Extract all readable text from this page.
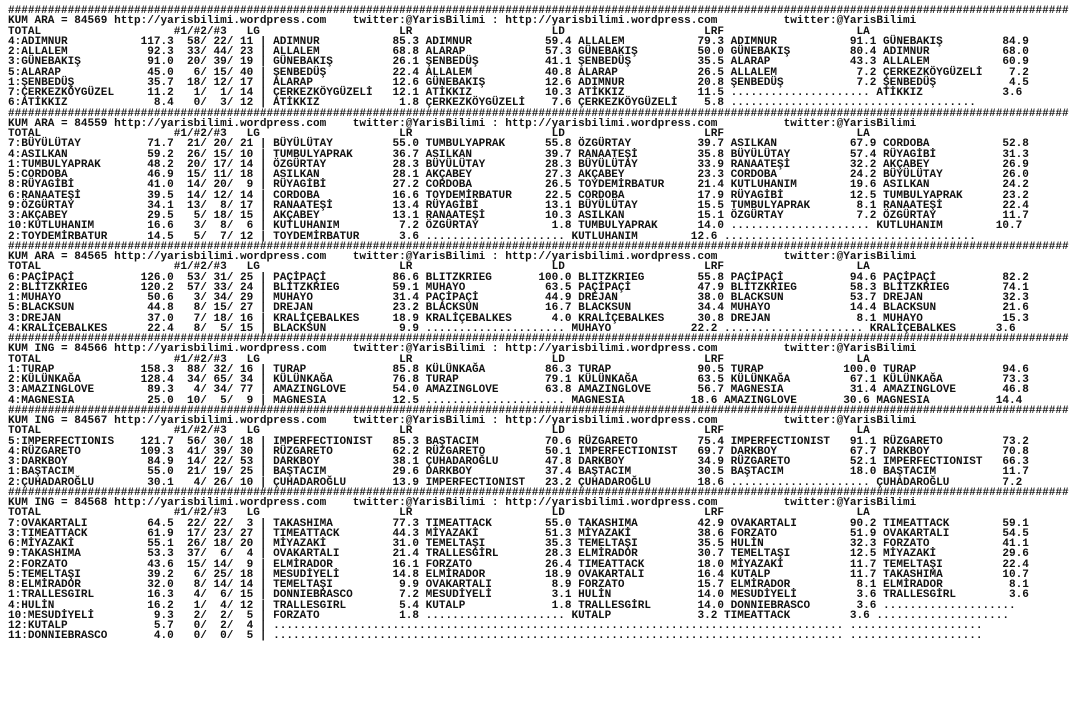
################################################################################################################################################################
KUM ARA = 84569 http://yarisbilimi.wordpress.com    twitter:@YarisBilimi : http://yarisbilimi.wordpress.com          twitter:@YarisBilimi
TOTAL                    #1/#2/#3   LG                     LR                     LD                     LRF                    LA
4:ADIMNUR           117.3  58/ 22/ 11 | ADIMNUR           85.3 ADIMNUR           59.4 ALLALEM           79.3 ADIMNUR           91.1 GÜNEBAKIŞ         84.9
2:ALLALEM            92.3  33/ 44/ 23 | ALLALEM           68.8 ALARAP            57.3 GÜNEBAKIŞ         50.0 GÜNEBAKIŞ         80.4 ADIMNUR           68.0
3:GÜNEBAKIŞ          91.0  20/ 39/ 19 | GÜNEBAKIŞ         26.1 ŞENBEDÜŞ          41.1 ŞENBEDÜŞ          35.5 ALARAP            43.3 ALLALEM           60.9
5:ALARAP             45.0   6/ 15/ 40 | ŞENBEDÜŞ          22.4 ALLALEM           40.8 ALARAP            26.5 ALLALEM            7.2 ÇERKEZKÖYGÜZELİ    7.2
1:ŞENBEDÜŞ           35.7  18/ 12/ 17 | ALARAP            12.6 GÜNEBAKIŞ         12.6 ADIMNUR           20.8 ŞENBEDÜŞ           7.2 ŞENBEDÜŞ           4.5
7:ÇERKEZKÖYGÜZEL     11.2   1/  1/ 14 | ÇERKEZKÖYGÜZELİ   12.1 ATİKKIZ           10.3 ATİKKIZ           11.5 ..................... ATİKKIZ            3.6
6:ATİKKIZ             8.4   0/  3/ 12 | ATİKKIZ            1.8 ÇERKEZKÖYGÜZELİ    7.6 ÇERKEZKÖYGÜZELİ    5.8 .....................................
################################################################################################################################################################
KUM ARA = 84559 http://yarisbilimi.wordpress.com    twitter:@YarisBilimi : http://yarisbilimi.wordpress.com          twitter:@YarisBilimi
TOTAL                    #1/#2/#3   LG                     LR                     LD                     LRF                    LA
7:BÜYÜLÜTAY          71.7  21/ 20/ 21 | BÜYÜLÜTAY         55.0 TUMBULYAPRAK      55.8 ÖZGÜRTAY          39.7 ASILKAN           67.9 CORDOBA           52.8
4:ASILKAN            59.2  26/ 15/ 10 | TUMBULYAPRAK      36.7 ASILKAN           39.7 RANAATEŞİ         35.8 BÜYÜLÜTAY         57.4 RÜYAGİBİ          31.3
1:TUMBULYAPRAK       48.2  20/ 17/ 14 | ÖZGÜRTAY          28.3 BÜYÜLÜTAY         28.3 BÜYÜLÜTAY         33.9 RANAATEŞİ         32.2 AKÇABEY           26.9
5:CORDOBA            46.9  15/ 11/ 18 | ASILKAN           28.1 AKÇABEY           27.3 AKÇABEY           23.3 CORDOBA           24.2 BÜYÜLÜTAY         26.0
8:RÜYAGİBİ           41.0  14/ 20/  9 | RÜYAGİBİ          27.2 CORDOBA           26.5 TOYDEMİRBATUR     21.4 KUTLUHANIM        19.6 ASILKAN           24.2
6:RANAATEŞİ          39.5  14/ 12/ 14 | CORDOBA           16.6 TOYDEMİRBATUR     22.5 CORDOBA           17.9 RÜYAGİBİ          12.5 TUMBULYAPRAK      23.2
9:ÖZGÜRTAY           34.1  13/  8/ 17 | RANAATEŞİ         13.4 RÜYAGİBİ          13.1 BÜYÜLÜTAY         15.5 TUMBULYAPRAK       8.1 RANAATEŞİ         22.4
3:AKÇABEY            29.5   5/ 18/ 15 | AKÇABEY           13.1 RANAATEŞİ         10.3 ASILKAN           15.1 ÖZGÜRTAY           7.2 ÖZGÜRTAY          11.7
10:KUTLUHANIM        16.6   3/  8/  6 | KUTLUHANIM         7.2 ÖZGÜRTAY           1.8 TUMBULYAPRAK      14.0 ..................... KUTLUHANIM        10.7
2:TOYDEMİRBATUR      14.5   5/  7/ 12 | TOYDEMİRBATUR      3.6 ..................... KUTLUHANIM        12.6 ......................................
################################################################################################################################################################
KUM ARA = 84565 http://yarisbilimi.wordpress.com    twitter:@YarisBilimi : http://yarisbilimi.wordpress.com          twitter:@YarisBilimi
TOTAL                    #1/#2/#3   LG                     LR                     LD                     LRF                    LA
6:PAÇİPAÇİ          126.0  53/ 31/ 25 | PAÇİPAÇİ          86.6 BLITZKRIEG       100.0 BLITZKRIEG        55.8 PAÇİPAÇİ          94.6 PAÇİPAÇİ          82.2
2:BLITZKRIEG        120.2  57/ 33/ 24 | BLITZKRIEG        59.1 MUHAYO            63.5 PAÇİPAÇİ          47.9 BLITZKRIEG        58.3 BLITZKRIEG        74.1
1:MUHAYO             50.6   3/ 34/ 29 | MUHAYO            31.4 PAÇİPAÇİ          44.9 DREJAN            38.0 BLACKSUN          53.7 DREJAN            32.3
5:BLACKSUN           44.8   8/ 15/ 27 | DREJAN            23.2 BLACKSUN          16.7 BLACKSUN          34.4 MUHAYO            14.4 BLACKSUN          21.6
3:DREJAN             37.0   7/ 18/ 16 | KRALİÇEBALKES     18.9 KRALİÇEBALKES      4.0 KRALİÇEBALKES     30.8 DREJAN             8.1 MUHAYO            15.3
4:KRALİÇEBALKES      22.4   8/  5/ 15 | BLACKSUN           9.9 ..................... MUHAYO            22.2 ..................... KRALİÇEBALKES      3.6
################################################################################################################################################################
KUM ING = 84566 http://yarisbilimi.wordpress.com    twitter:@YarisBilimi : http://yarisbilimi.wordpress.com          twitter:@YarisBilimi
TOTAL                    #1/#2/#3   LG                     LR                     LD                     LRF                    LA
1:TURAP             158.3  88/ 32/ 16 | TURAP             85.8 KÜLÜNKAĞA         86.3 TURAP             90.5 TURAP            100.0 TURAP             94.6
2:KÜLÜNKAĞA         128.4  34/ 65/ 34 | KÜLÜNKAĞA         76.8 TURAP             79.1 KÜLÜNKAĞA         63.5 KÜLÜNKAĞA         67.1 KÜLÜNKAĞA         73.3
3:AMAZINGLOVE        89.3   4/ 34/ 77 | AMAZINGLOVE       54.0 AMAZINGLOVE       63.8 AMAZINGLOVE       56.7 MAGNESIA          31.4 AMAZINGLOVE       46.8
4:MAGNESIA           25.0  10/  5/  9 | MAGNESIA          12.5 ..................... MAGNESIA          18.6 AMAZINGLOVE       30.6 MAGNESIA          14.4
################################################################################################################################################################
KUM ING = 84567 http://yarisbilimi.wordpress.com    twitter:@YarisBilimi : http://yarisbilimi.wordpress.com          twitter:@YarisBilimi
TOTAL                    #1/#2/#3   LG                     LR                     LD                     LRF                    LA
5:IMPERFECTIONIS    121.7  56/ 30/ 18 | IMPERFECTIONIST   85.3 BAŞTACIM          70.6 RÜZGARETO         75.4 IMPERFECTIONIST   91.1 RÜZGARETO         73.2
4:RÜZGARETO         109.3  41/ 39/ 30 | RÜZGARETO         62.2 RÜZGARETO         50.1 IMPERFECTIONIST   69.7 DARKBOY           67.7 DARKBOY           70.8
3:DARKBOY            84.9  14/ 22/ 53 | DARKBOY           38.1 ÇUHADAROĞLU       47.8 DARKBOY           34.9 RÜZGARETO         52.1 IMPERFECTIONIST   66.3
1:BAŞTACIM           55.0  21/ 19/ 25 | BAŞTACIM          29.6 DARKBOY           37.4 BAŞTACIM          30.5 BAŞTACIM          18.0 BAŞTACIM          11.7
2:ÇUHADAROĞLU        30.1   4/ 26/ 10 | ÇUHADAROĞLU       13.9 IMPERFECTIONIST   23.2 ÇUHADAROĞLU       18.6 ..................... ÇUHADAROĞLU        7.2
################################################################################################################################################################
KUM ING = 84568 http://yarisbilimi.wordpress.com    twitter:@YarisBilimi : http://yarisbilimi.wordpress.com          twitter:@YarisBilimi
TOTAL                    #1/#2/#3   LG                     LR                     LD                     LRF                    LA
7:OVAKARTALI         64.5  22/ 22/  3 | TAKASHIMA         77.3 TIMEATTACK        55.0 TAKASHIMA         42.9 OVAKARTALI        90.2 TIMEATTACK        59.1
3:TIMEATTACK         61.9  17/ 23/ 27 | TIMEATTACK        44.3 MİYAZAKİ          51.3 MİYAZAKİ          38.6 FORZATO           51.9 OVAKARTALI        54.5
6:MİYAZAKİ           55.1  26/ 18/ 20 | MİYAZAKİ          31.0 TEMELTAŞI         35.3 TEMELTAŞI         35.5 HULİN             32.3 FORZATO           41.1
9:TAKASHIMA          53.3  37/  6/  4 | OVAKARTALI        21.4 TRALLESGİRL       28.3 ELMİRADOR         30.7 TEMELTAŞI         12.5 MİYAZAKİ          29.6
2:FORZATO            43.6  15/ 14/  9 | ELMİRADOR         16.1 FORZATO           26.4 TIMEATTACK        18.0 MİYAZAKİ          11.7 TEMELTAŞI         22.4
5:TEMELTAŞI          39.2   6/ 25/ 18 | MESUDİYELİ        14.8 ELMİRADOR         18.9 OVAKARTALI        16.4 KUTALP            11.7 TAKASHIMA         10.7
8:ELMİRADOR          32.0   8/ 14/ 14 | TEMELTAŞI          9.9 OVAKARTALI         8.9 FORZATO           15.7 ELMİRADOR          8.1 ELMİRADOR          8.1
1:TRALLESGIRL        16.3   4/  6/ 15 | DONNIEBRASCO       7.2 MESUDİYELİ         3.1 HULİN             14.0 MESUDİYELİ         3.6 TRALLESGİRL        3.6
4:HULİN              16.2   1/  4/ 12 | TRALLESGIRL        5.4 KUTALP             1.8 TRALLESGİRL       14.0 DONNIEBRASCO       3.6 ....................
10:MESUDİYELİ         9.3   2/  2/  5 | FORZATO            1.8 ..................... KUTALP             3.2 TIMEATTACK         3.6 ....................
12:KUTALP             5.7   0/  2/  4 | ...................................................................................... ....................
11:DONNIEBRASCO       4.0   0/  0/  5 | ...................................................................................... ....................
